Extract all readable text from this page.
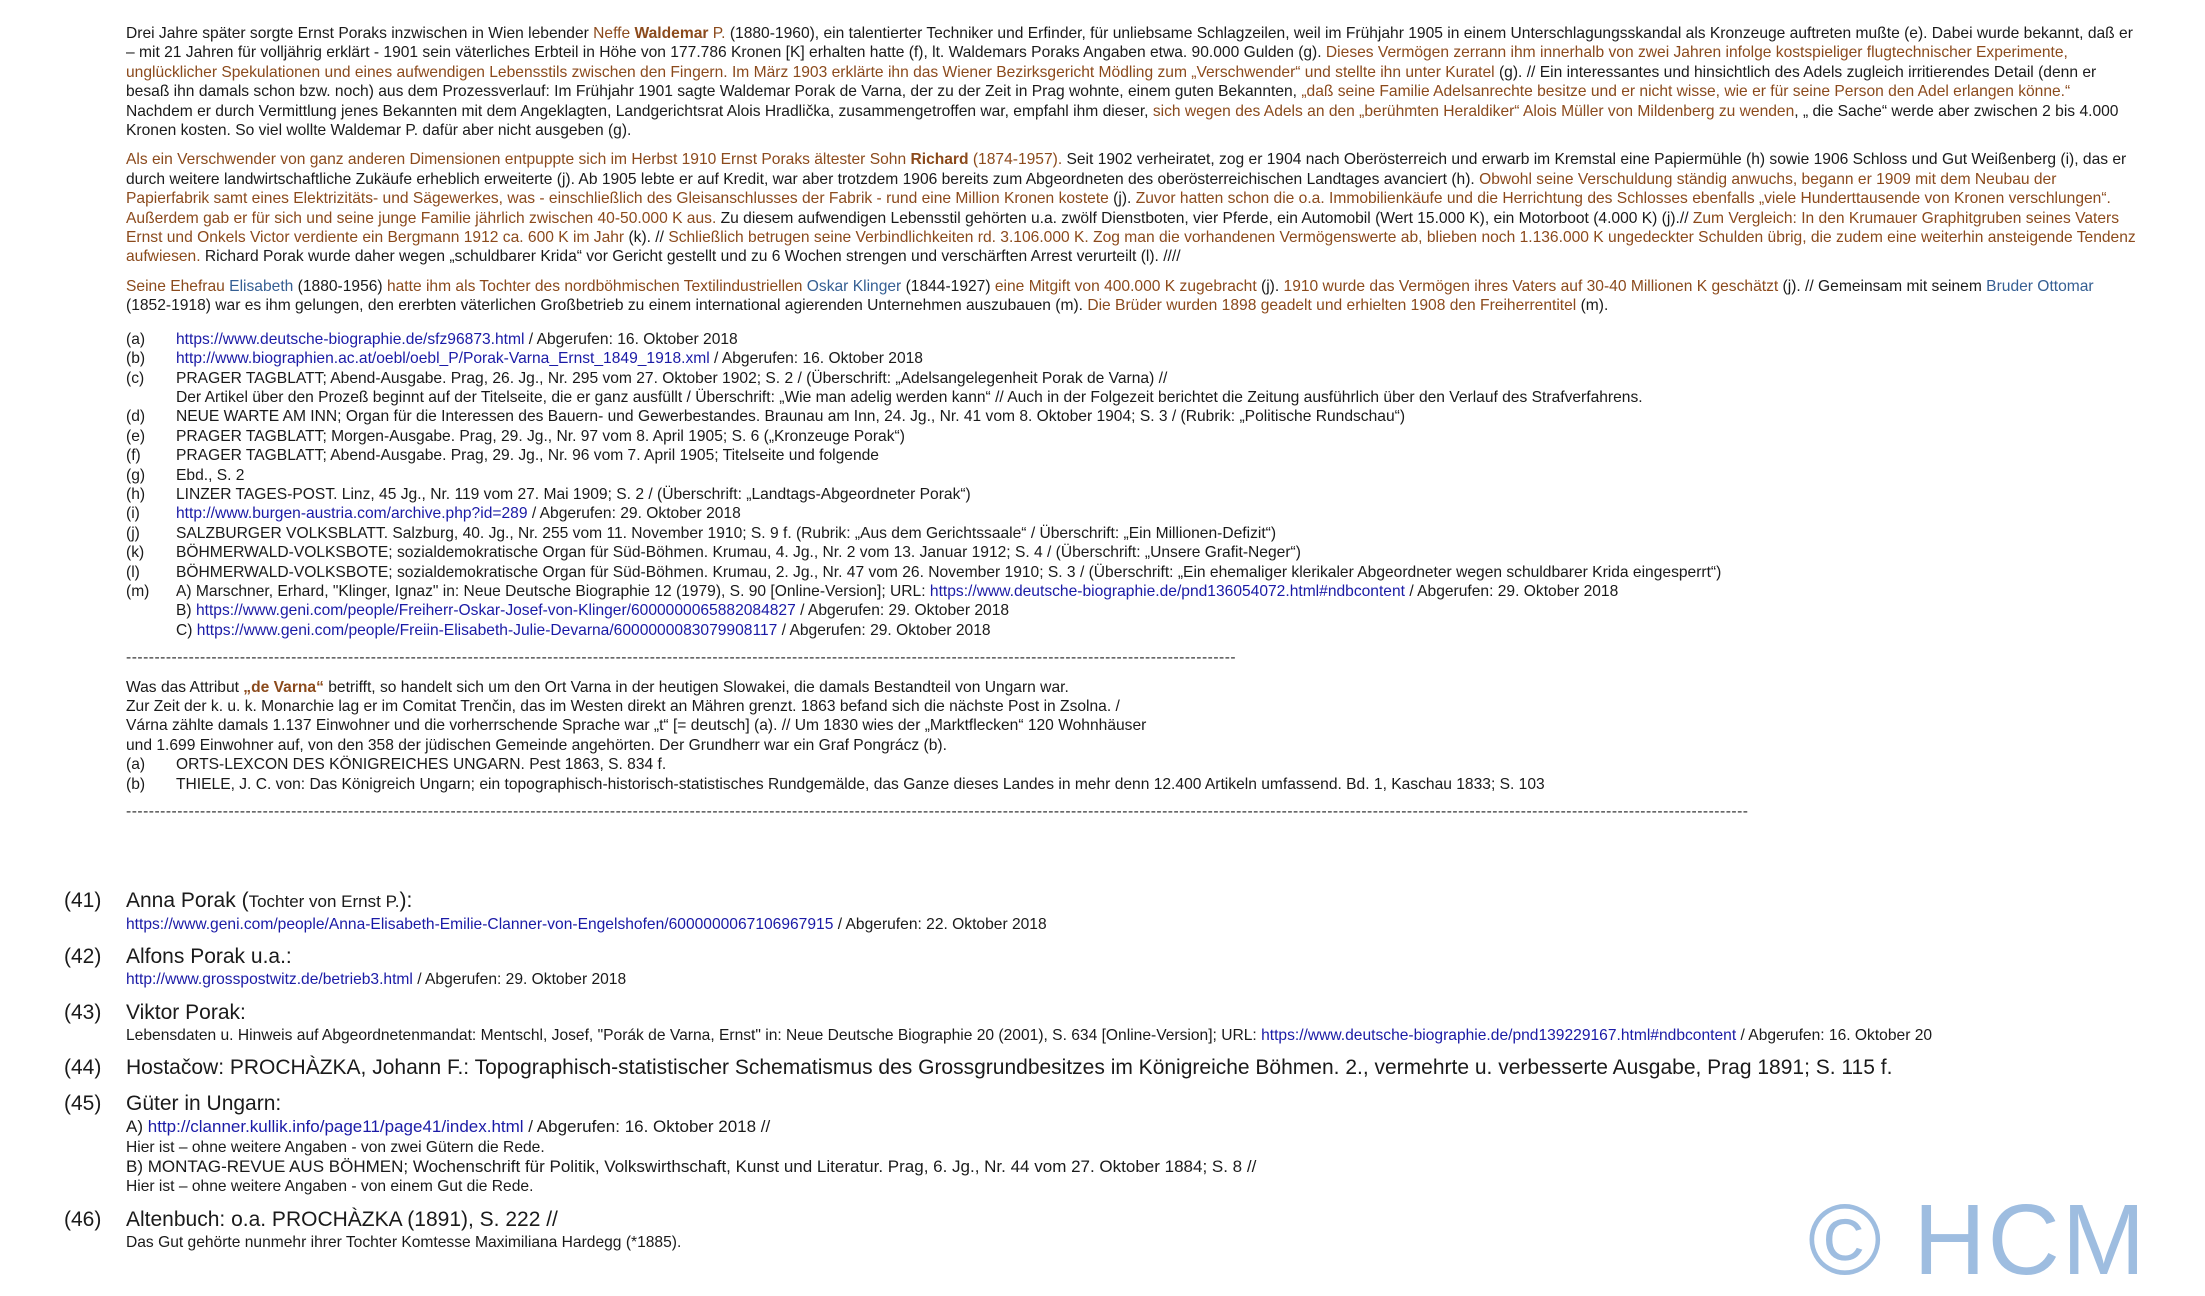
Drei Jahre später sorgte Ernst Poraks inzwischen in Wien lebender Neffe Waldemar P. (1880-1960), ein talentierter Techniker und Erfinder, für unliebsame Schlagzeilen, weil im Frühjahr 1905 in einem Unterschlagungsskandal als Kronzeuge auftreten mußte (e). Dabei wurde bekannt, daß er – mit 21 Jahren für volljährig erklärt - 1901 sein väterliches Erbteil in Höhe von 177.786 Kronen [K] erhalten hatte (f), lt. Waldemars Poraks Angaben etwa. 90.000 Gulden (g). Dieses Vermögen zerrann ihm innerhalb von zwei Jahren infolge kostspieliger flugtechnischer Experimente, unglücklicher Spekulationen und eines aufwendigen Lebensstils zwischen den Fingern. Im März 1903 erklärte ihn das Wiener Bezirksgericht Mödling zum „Verschwender“ und stellte ihn unter Kuratel (g). // Ein interessantes und hinsichtlich des Adels zugleich irritierendes Detail (denn er besaß ihn damals schon bzw. noch) aus dem Prozessverlauf: Im Frühjahr 1901 sagte Waldemar Porak de Varna, der zu der Zeit in Prag wohnte, einem guten Bekannten, „daß seine Familie Adelsanrechte besitze und er nicht wisse, wie er für seine Person den Adel erlangen könne.“ Nachdem er durch Vermittlung jenes Bekannten mit dem Angeklagten, Landgerichtsrat Alois Hradlička, zusammengetroffen war, empfahl ihm dieser, sich wegen des Adels an den „berühmten Heraldiker“ Alois Müller von Mildenberg zu wenden, „ die Sache“ werde aber zwischen 2 bis 4.000 Kronen kosten. So viel wollte Waldemar P. dafür aber nicht ausgeben (g).

Als ein Verschwender von ganz anderen Dimensionen entpuppte sich im Herbst 1910 Ernst Poraks ältester Sohn Richard (1874-1957). Seit 1902 verheiratet, zog er 1904 nach Oberösterreich und erwarb im Kremstal eine Papiermühle (h) sowie 1906 Schloss und Gut Weißenberg (i), das er durch weitere landwirtschaftliche Zukäufe erheblich erweiterte (j). Ab 1905 lebte er auf Kredit, war aber trotzdem 1906 bereits zum Abgeordneten des oberösterreichischen Landtages avanciert (h). Obwohl seine Verschuldung ständig anwuchs, begann er 1909 mit dem Neubau der Papierfabrik samt eines Elektrizitäts- und Sägewerkes, was - einschließlich des Gleisanschlusses der Fabrik - rund eine Million Kronen kostete (j). Zuvor hatten schon die o.a. Immobilienkäufe und die Herrichtung des Schlosses ebenfalls „viele Hunderttausende von Kronen verschlungen“. Außerdem gab er für sich und seine junge Familie jährlich zwischen 40-50.000 K aus. Zu diesem aufwendigen Lebensstil gehörten u.a. zwölf Dienstboten, vier Pferde, ein Automobil (Wert 15.000 K), ein Motorboot (4.000 K) (j).// Zum Vergleich: In den Krumauer Graphitgruben seines Vaters Ernst und Onkels Victor verdiente ein Bergmann 1912 ca. 600 K im Jahr (k). // Schließlich betrugen seine Verbindlichkeiten rd. 3.106.000 K. Zog man die vorhandenen Vermögenswerte ab, blieben noch 1.136.000 K ungedeckter Schulden übrig, die zudem eine weiterhin ansteigende Tendenz aufwiesen. Richard Porak wurde daher wegen „schuldbarer Krida“ vor Gericht gestellt und zu 6 Wochen strengen und verschärften Arrest verurteilt (l). ////

Seine Ehefrau Elisabeth (1880-1956) hatte ihm als Tochter des nordböhmischen Textilindustriellen Oskar Klinger (1844-1927) eine Mitgift von 400.000 K zugebracht (j). 1910 wurde das Vermögen ihres Vaters auf 30-40 Millionen K geschätzt (j). // Gemeinsam mit seinem Bruder Ottomar (1852-1918) war es ihm gelungen, den ererbten väterlichen Großbetrieb zu einem international agierenden Unternehmen auszubauen (m). Die Brüder wurden 1898 geadelt und erhielten 1908 den Freiherrentitel (m).

(a)	https://www.deutsche-biographie.de/sfz96873.html / Abgerufen: 16. Oktober 2018
(b)	http://www.biographien.ac.at/oebl/oebl_P/Porak-Varna_Ernst_1849_1918.xml / Abgerufen: 16. Oktober 2018
(c)	PRAGER TAGBLATT; Abend-Ausgabe. Prag, 26. Jg., Nr. 295 vom 27. Oktober 1902; S. 2 / (Überschrift: „Adelsangelegenheit Porak de Varna) //
Der Artikel über den Prozeß beginnt auf der Titelseite, die er ganz ausfüllt / Überschrift: „Wie man adelig werden kann“ // Auch in der Folgezeit berichtet die Zeitung ausführlich über den Verlauf des Strafverfahrens.
(d)	NEUE WARTE AM INN; Organ für die Interessen des Bauern- und Gewerbestandes. Braunau am Inn, 24. Jg., Nr. 41 vom 8. Oktober 1904; S. 3 / (Rubrik: „Politische Rundschau“)
(e)	PRAGER TAGBLATT; Morgen-Ausgabe. Prag, 29. Jg., Nr. 97 vom 8. April 1905; S. 6 („Kronzeuge Porak“)
(f)	PRAGER TAGBLATT; Abend-Ausgabe. Prag, 29. Jg., Nr. 96 vom 7. April 1905; Titelseite und folgende
(g)	Ebd., S. 2
(h)	LINZER TAGES-POST. Linz, 45 Jg., Nr. 119 vom 27. Mai 1909; S. 2 / (Überschrift: „Landtags-Abgeordneter Porak“)
(i)	http://www.burgen-austria.com/archive.php?id=289 / Abgerufen: 29. Oktober 2018
(j)	SALZBURGER VOLKSBLATT. Salzburg, 40. Jg., Nr. 255 vom 11. November 1910; S. 9 f. (Rubrik: „Aus dem Gerichtssaale“ / Überschrift: „Ein Millionen-Defizit“)
(k)	BÖHMERWALD-VOLKSBOTE; sozialdemokratische Organ für Süd-Böhmen. Krumau, 4. Jg., Nr. 2 vom 13. Januar 1912; S. 4 / (Überschrift: „Unsere Grafit-Neger“)
(l)	BÖHMERWALD-VOLKSBOTE; sozialdemokratische Organ für Süd-Böhmen. Krumau, 2. Jg., Nr. 47 vom 26. November 1910; S. 3 / (Überschrift: „Ein ehemaliger klerikaler Abgeordneter wegen schuldbarer Krida eingesperrt“)
(m)	A) Marschner, Erhard, "Klinger, Ignaz" in: Neue Deutsche Biographie 12 (1979), S. 90 [Online-Version]; URL: https://www.deutsche-biographie.de/pnd136054072.html#ndbcontent / Abgerufen: 29. Oktober 2018
B) https://www.geni.com/people/Freiherr-Oskar-Josef-von-Klinger/6000000065882084827 / Abgerufen: 29. Oktober 2018
C) https://www.geni.com/people/Freiin-Elisabeth-Julie-Devarna/6000000083079908117 / Abgerufen: 29. Oktober 2018
---------------------------------------------------------------------------------------------------------------------------------------------------------------------------------------------------
Was das Attribut „de Varna“ betrifft, so handelt sich um den Ort Varna in der heutigen Slowakei, die damals Bestandteil von Ungarn war.
Zur Zeit der k. u. k. Monarchie lag er im Comitat Trenčin, das im Westen direkt an Mähren grenzt. 1863 befand sich die nächste Post in Zsolna. /
Várna zählte damals 1.137 Einwohner und die vorherrschende Sprache war „t“ [= deutsch] (a). // Um 1830 wies der „Marktflecken“ 120 Wohnhäuser
und 1.699 Einwohner auf, von den 358 der jüdischen Gemeinde angehörten. Der Grundherr war ein Graf Pongrácz (b).
(a)	ORTS-LEXCON DES KÖNIGREICHES UNGARN. Pest 1863, S. 834 f.
(b)	THIELE, J. C. von: Das Königreich Ungarn; ein topographisch-historisch-statistisches Rundgemälde, das Ganze dieses Landes in mehr denn 12.400 Artikeln umfassend. Bd. 1, Kaschau 1833; S. 103
---------------------------------------------------------------------------------------------------------------------------------------------------------------------------------------------------------------------------------------------------------------------------------------------
(41)	Anna Porak (Tochter von Ernst P.):
https://www.geni.com/people/Anna-Elisabeth-Emilie-Clanner-von-Engelshofen/6000000067106967915 / Abgerufen: 22. Oktober 2018
(42)	Alfons Porak u.a.:
http://www.grosspostwitz.de/betrieb3.html / Abgerufen: 29. Oktober 2018
(43)	Viktor Porak:
Lebensdaten u. Hinweis auf Abgeordnetenmandat: Mentschl, Josef, "Porák de Varna, Ernst" in: Neue Deutsche Biographie 20 (2001), S. 634 [Online-Version]; URL: https://www.deutsche-biographie.de/pnd139229167.html#ndbcontent / Abgerufen: 16. Oktober 20
(44)	Hostačow: PROCHÀZKA, Johann F.: Topographisch-statistischer Schematismus des Grossgrundbesitzes im Königreiche Böhmen. 2., vermehrte u. verbesserte Ausgabe, Prag 1891; S. 115 f.
(45)	Güter in Ungarn:
A) http://clanner.kullik.info/page11/page41/index.html / Abgerufen: 16. Oktober 2018 //
Hier ist – ohne weitere Angaben - von zwei Gütern die Rede.
B) MONTAG-REVUE AUS BÖHMEN; Wochenschrift für Politik, Volkswirthschaft, Kunst und Literatur. Prag, 6. Jg., Nr. 44 vom 27. Oktober 1884; S. 8 //
Hier ist – ohne weitere Angaben - von einem Gut die Rede.
(46)	Altenbuch: o.a. PROCHÀZKA (1891), S. 222 //
Das Gut gehörte nunmehr ihrer Tochter Komtesse Maximiliana Hardegg (*1885).	© HCM
